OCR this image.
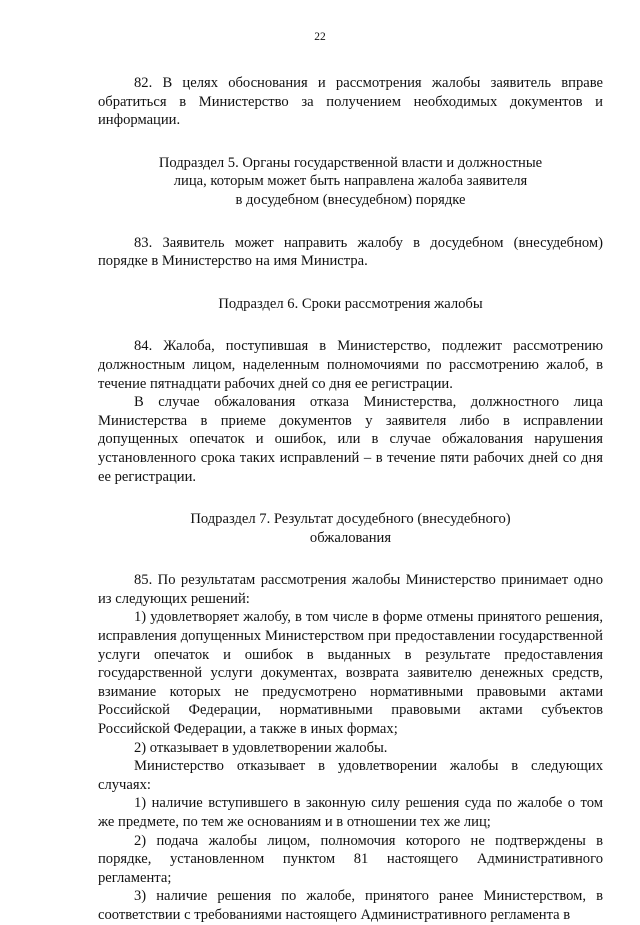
22

82. В целях обоснования и рассмотрения жалобы заявитель вправе обратиться в Министерство за получением необходимых документов и информации.

Подраздел 5. Органы государственной власти и должностные
лица, которым может быть направлена жалоба заявителя
в досудебном (внесудебном) порядке

83. Заявитель может направить жалобу в досудебном (внесудебном) порядке в Министерство на имя Министра.

Подраздел 6. Сроки рассмотрения жалобы

84. Жалоба, поступившая в Министерство, подлежит рассмотрению должностным лицом, наделенным полномочиями по рассмотрению жалоб, в течение пятнадцати рабочих дней со дня ее регистрации.

В случае обжалования отказа Министерства, должностного лица Министерства в приеме документов у заявителя либо в исправлении допущенных опечаток и ошибок, или в случае обжалования нарушения установленного срока таких исправлений – в течение пяти рабочих дней со дня ее регистрации.

Подраздел 7. Результат досудебного (внесудебного)
обжалования

85. По результатам рассмотрения жалобы Министерство принимает одно из следующих решений:

1) удовлетворяет жалобу, в том числе в форме отмены принятого решения, исправления допущенных Министерством при предоставлении государственной услуги опечаток и ошибок в выданных в результате предоставления государственной услуги документах, возврата заявителю денежных средств, взимание которых не предусмотрено нормативными правовыми актами Российской Федерации, нормативными правовыми актами субъектов Российской Федерации, а также в иных формах;

2) отказывает в удовлетворении жалобы.

Министерство отказывает в удовлетворении жалобы в следующих случаях:

1) наличие вступившего в законную силу решения суда по жалобе о том же предмете, по тем же основаниям и в отношении тех же лиц;

2) подача жалобы лицом, полномочия которого не подтверждены в порядке, установленном пунктом 81 настоящего Административного регламента;

3) наличие решения по жалобе, принятого ранее Министерством, в соответствии с требованиями настоящего Административного регламента в
